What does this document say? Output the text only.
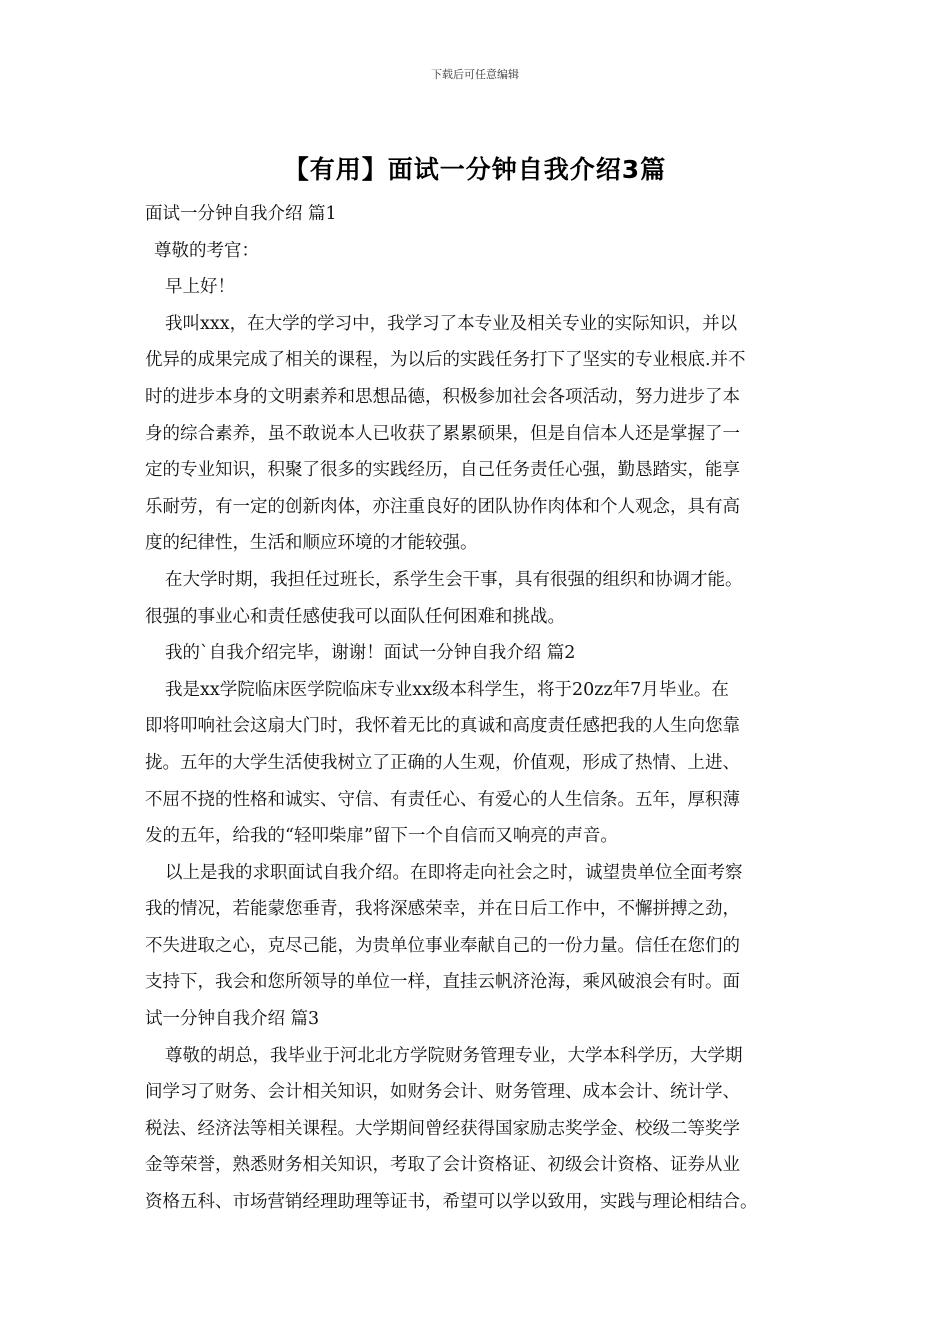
下载后可任意编辑
【有用】面试一分钟自我介绍3篇
面试一分钟自我介绍 篇1
尊敬的考官：
早上好！
我叫xxx，在大学的学习中，我学习了本专业及相关专业的实际知识，并以
优异的成果完成了相关的课程，为以后的实践任务打下了坚实的专业根底.并不
时的进步本身的文明素养和思想品德，积极参加社会各项活动，努力进步了本
身的综合素养，虽不敢说本人已收获了累累硕果，但是自信本人还是掌握了一
定的专业知识，积聚了很多的实践经历，自己任务责任心强，勤恳踏实，能享
乐耐劳，有一定的创新肉体，亦注重良好的团队协作肉体和个人观念，具有高
度的纪律性，生活和顺应环境的才能较强。
在大学时期，我担任过班长，系学生会干事，具有很强的组织和协调才能。
很强的事业心和责任感使我可以面队任何困难和挑战。
我的`自我介绍完毕，谢谢！面试一分钟自我介绍 篇2
我是xx学院临床医学院临床专业xx级本科学生，将于20zz年7月毕业。在
即将叩响社会这扇大门时，我怀着无比的真诚和高度责任感把我的人生向您靠
拢。五年的大学生活使我树立了正确的人生观，价值观，形成了热情、上进、
不屈不挠的性格和诚实、守信、有责任心、有爱心的人生信条。五年，厚积薄
发的五年，给我的“轻叩柴扉”留下一个自信而又响亮的声音。
以上是我的求职面试自我介绍。在即将走向社会之时，诚望贵单位全面考察
我的情况，若能蒙您垂青，我将深感荣幸，并在日后工作中，不懈拼搏之劲，
不失进取之心，克尽己能，为贵单位事业奉献自己的一份力量。信任在您们的
支持下，我会和您所领导的单位一样，直挂云帆济沧海，乘风破浪会有时。面
试一分钟自我介绍 篇3
尊敬的胡总，我毕业于河北北方学院财务管理专业，大学本科学历，大学期
间学习了财务、会计相关知识，如财务会计、财务管理、成本会计、统计学、
税法、经济法等相关课程。大学期间曾经获得国家励志奖学金、校级二等奖学
金等荣誉，熟悉财务相关知识，考取了会计资格证、初级会计资格、证券从业
资格五科、市场营销经理助理等证书，希望可以学以致用，实践与理论相结合。
